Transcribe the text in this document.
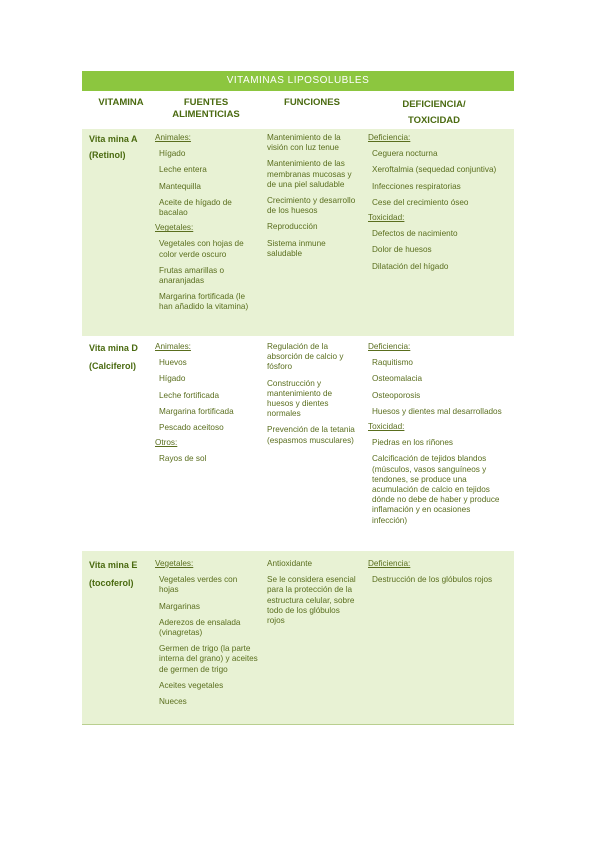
VITAMINAS LIPOSOLUBLES
VITAMINA	FUENTES
ALIMENTICIAS
FUNCIONES	DEFICIENCIA/
TOXICIDAD
Vita mina A
(Retinol)
Animales:
Hígado
Leche entera
Mantequilla
Aceite de hígado de bacalao
Vegetales:
Vegetales con hojas de color verde oscuro
Frutas amarillas o anaranjadas
Margarina fortificada (le han añadido la vitamina)
Mantenimiento de la visión con luz tenue
Mantenimiento de las membranas mucosas y de una piel saludable
Crecimiento y desarrollo de los huesos
Reproducción
Sistema inmune saludable
Deficiencia:
Ceguera nocturna
Xeroftalmia (sequedad conjuntiva)
Infecciones respiratorias
Cese del crecimiento óseo
Toxicidad:
Defectos de nacimiento
Dolor de huesos
Dilatación del hígado
Vita mina D
(Calciferol)
Animales:
Huevos
Hígado
Leche fortificada
Margarina fortificada
Pescado aceitoso
Otros:
Rayos de sol
Regulación de la absorción de calcio y fósforo
Construcción y mantenimiento de huesos y dientes normales
Prevención de la tetania (espasmos musculares)
Deficiencia:
Raquitismo
Osteomalacia
Osteoporosis
Huesos y dientes mal desarrollados
Toxicidad:
Piedras en los riñones
Calcificación de tejidos blandos (músculos, vasos sanguíneos y tendones, se produce una acumulación de calcio en tejidos dónde no debe de haber y produce inflamación y en ocasiones infección)
Vita mina E
(tocoferol)
Vegetales:
Vegetales verdes con hojas
Margarinas
Aderezos de ensalada (vinagretas)
Germen de trigo (la parte interna del grano) y aceites de germen de trigo
Aceites vegetales
Nueces
Antioxidante
Se le considera esencial para la protección de la estructura celular, sobre todo de los glóbulos rojos
Deficiencia:
Destrucción de los glóbulos rojos
